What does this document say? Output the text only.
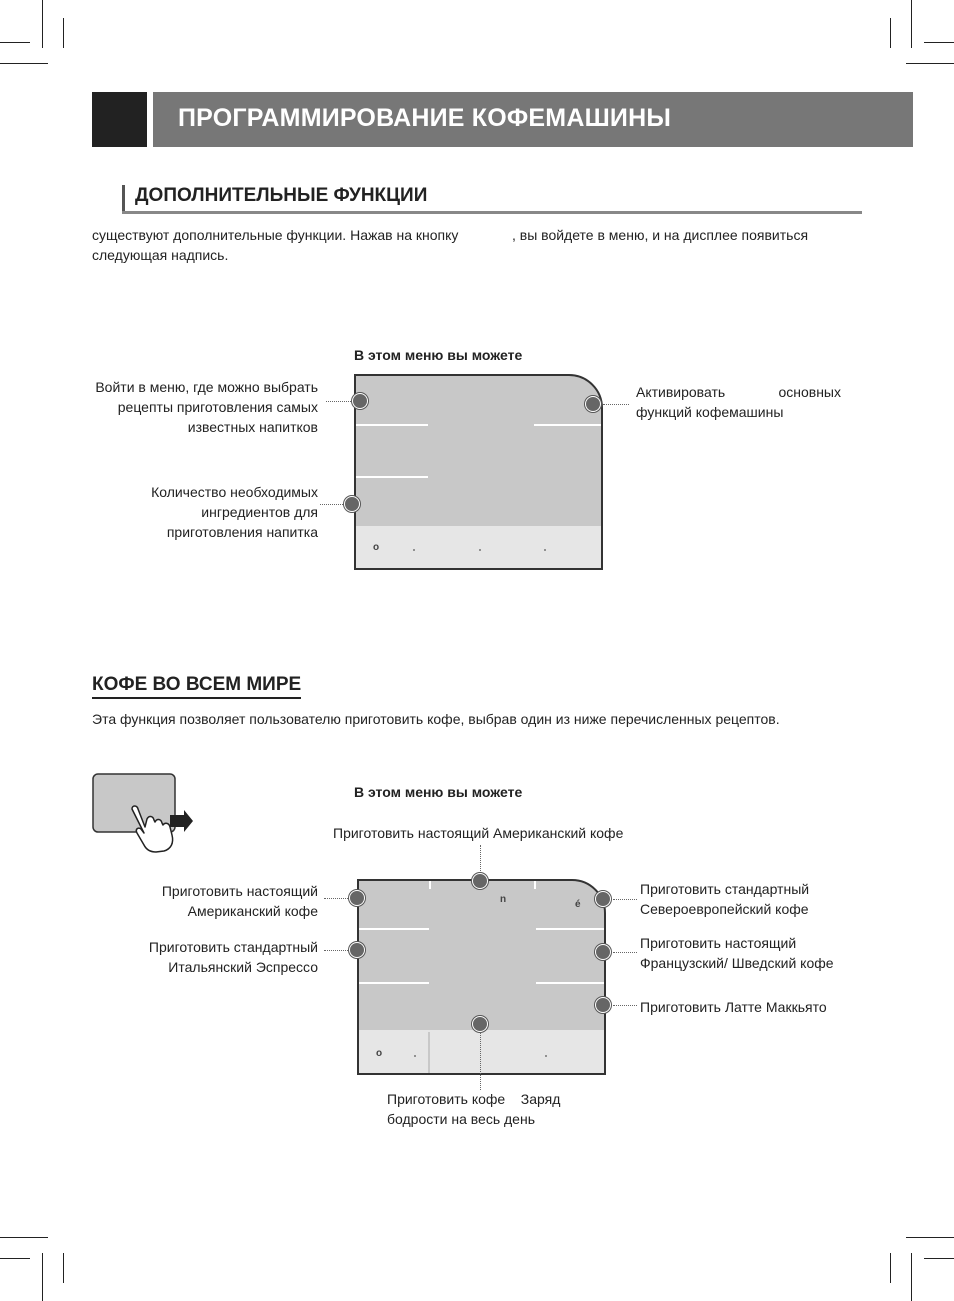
ПРОГРАММИРОВАНИЕ КОФЕМАШИНЫ
ДОПОЛНИТЕЛЬНЫЕ ФУНКЦИИ
существуют дополнительные функции. Нажав на кнопку	, вы войдете в меню, и на дисплее появиться
следующая надпись.
В этом меню вы можете
o
Войти в меню, где можно выбрать
рецепты приготовления самых
известных напитков
Количество необходимых
ингредиентов для
приготовления напитка
Активировать основных
функций кофемашины
КОФЕ ВО ВСЕМ МИРЕ
Эта функция позволяет пользователю приготовить кофе, выбрав один из ниже перечисленных рецептов.
В этом меню вы можете
Приготовить настоящий Американский кофе
n	é
o
Приготовить настоящий
Американский кофе
Приготовить стандартный
Итальянский Эспрессо
Приготовить стандартный
Североевропейский кофе
Приготовить настоящий
Французский/ Шведский кофе
Приготовить Латте Маккьято
Приготовить кофе    Заряд
бодрости на весь день
